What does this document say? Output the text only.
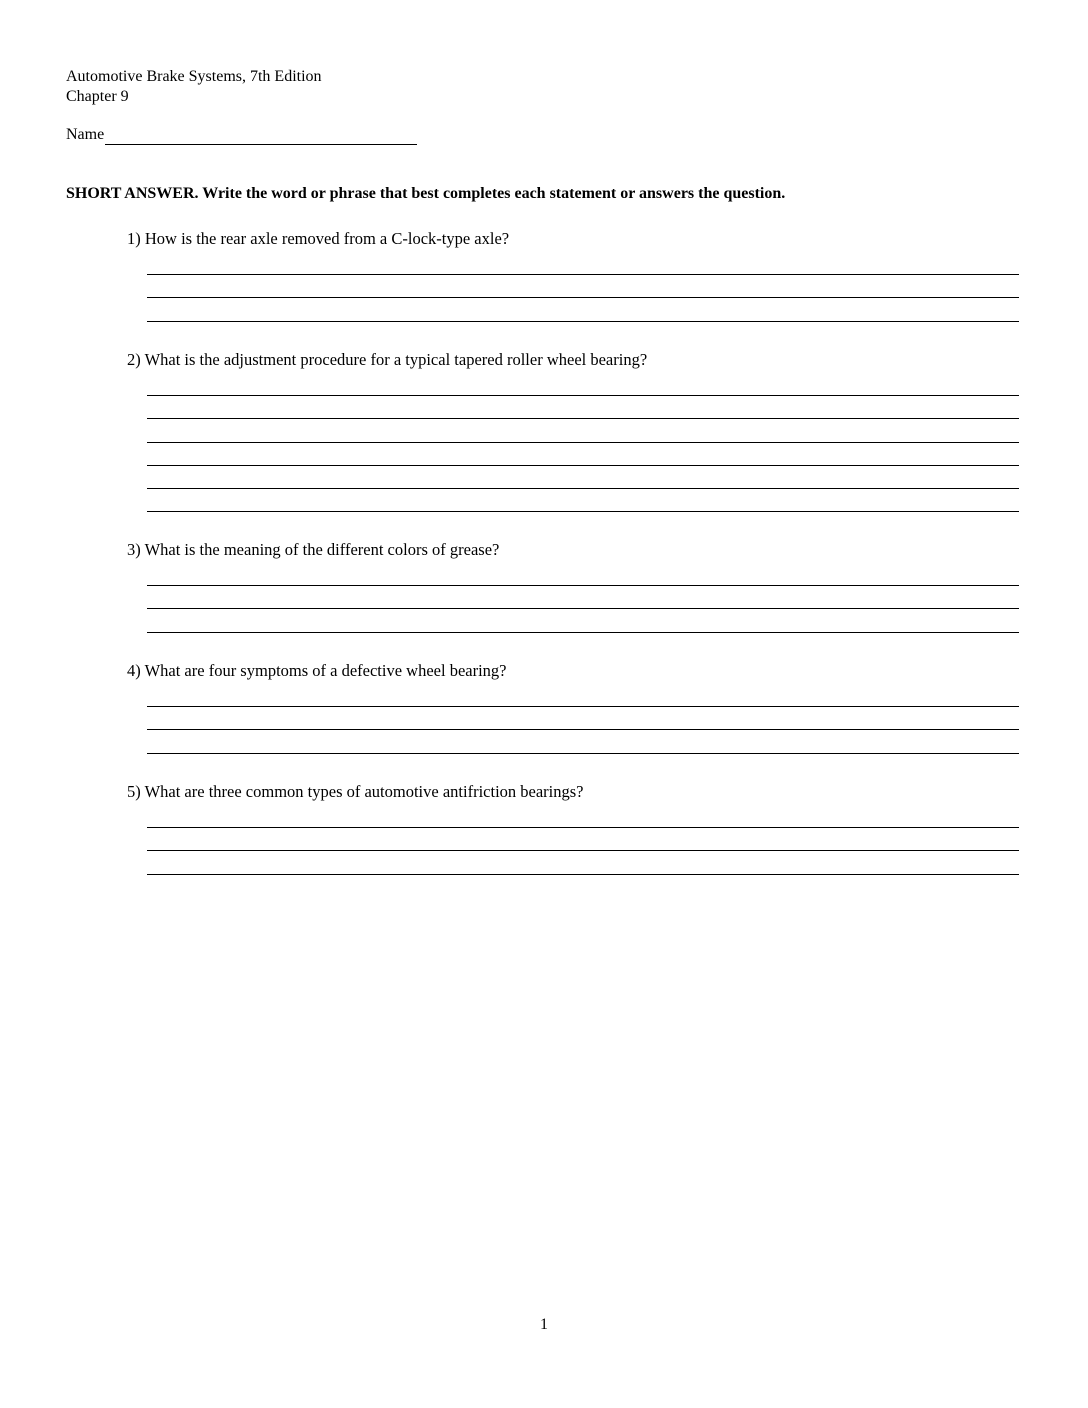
Automotive Brake Systems, 7th Edition
Chapter 9
Name
SHORT ANSWER. Write the word or phrase that best completes each statement or answers the question.
1) How is the rear axle removed from a C-lock-type axle?
2) What is the adjustment procedure for a typical tapered roller wheel bearing?
3) What is the meaning of the different colors of grease?
4) What are four symptoms of a defective wheel bearing?
5) What are three common types of automotive antifriction bearings?
1
